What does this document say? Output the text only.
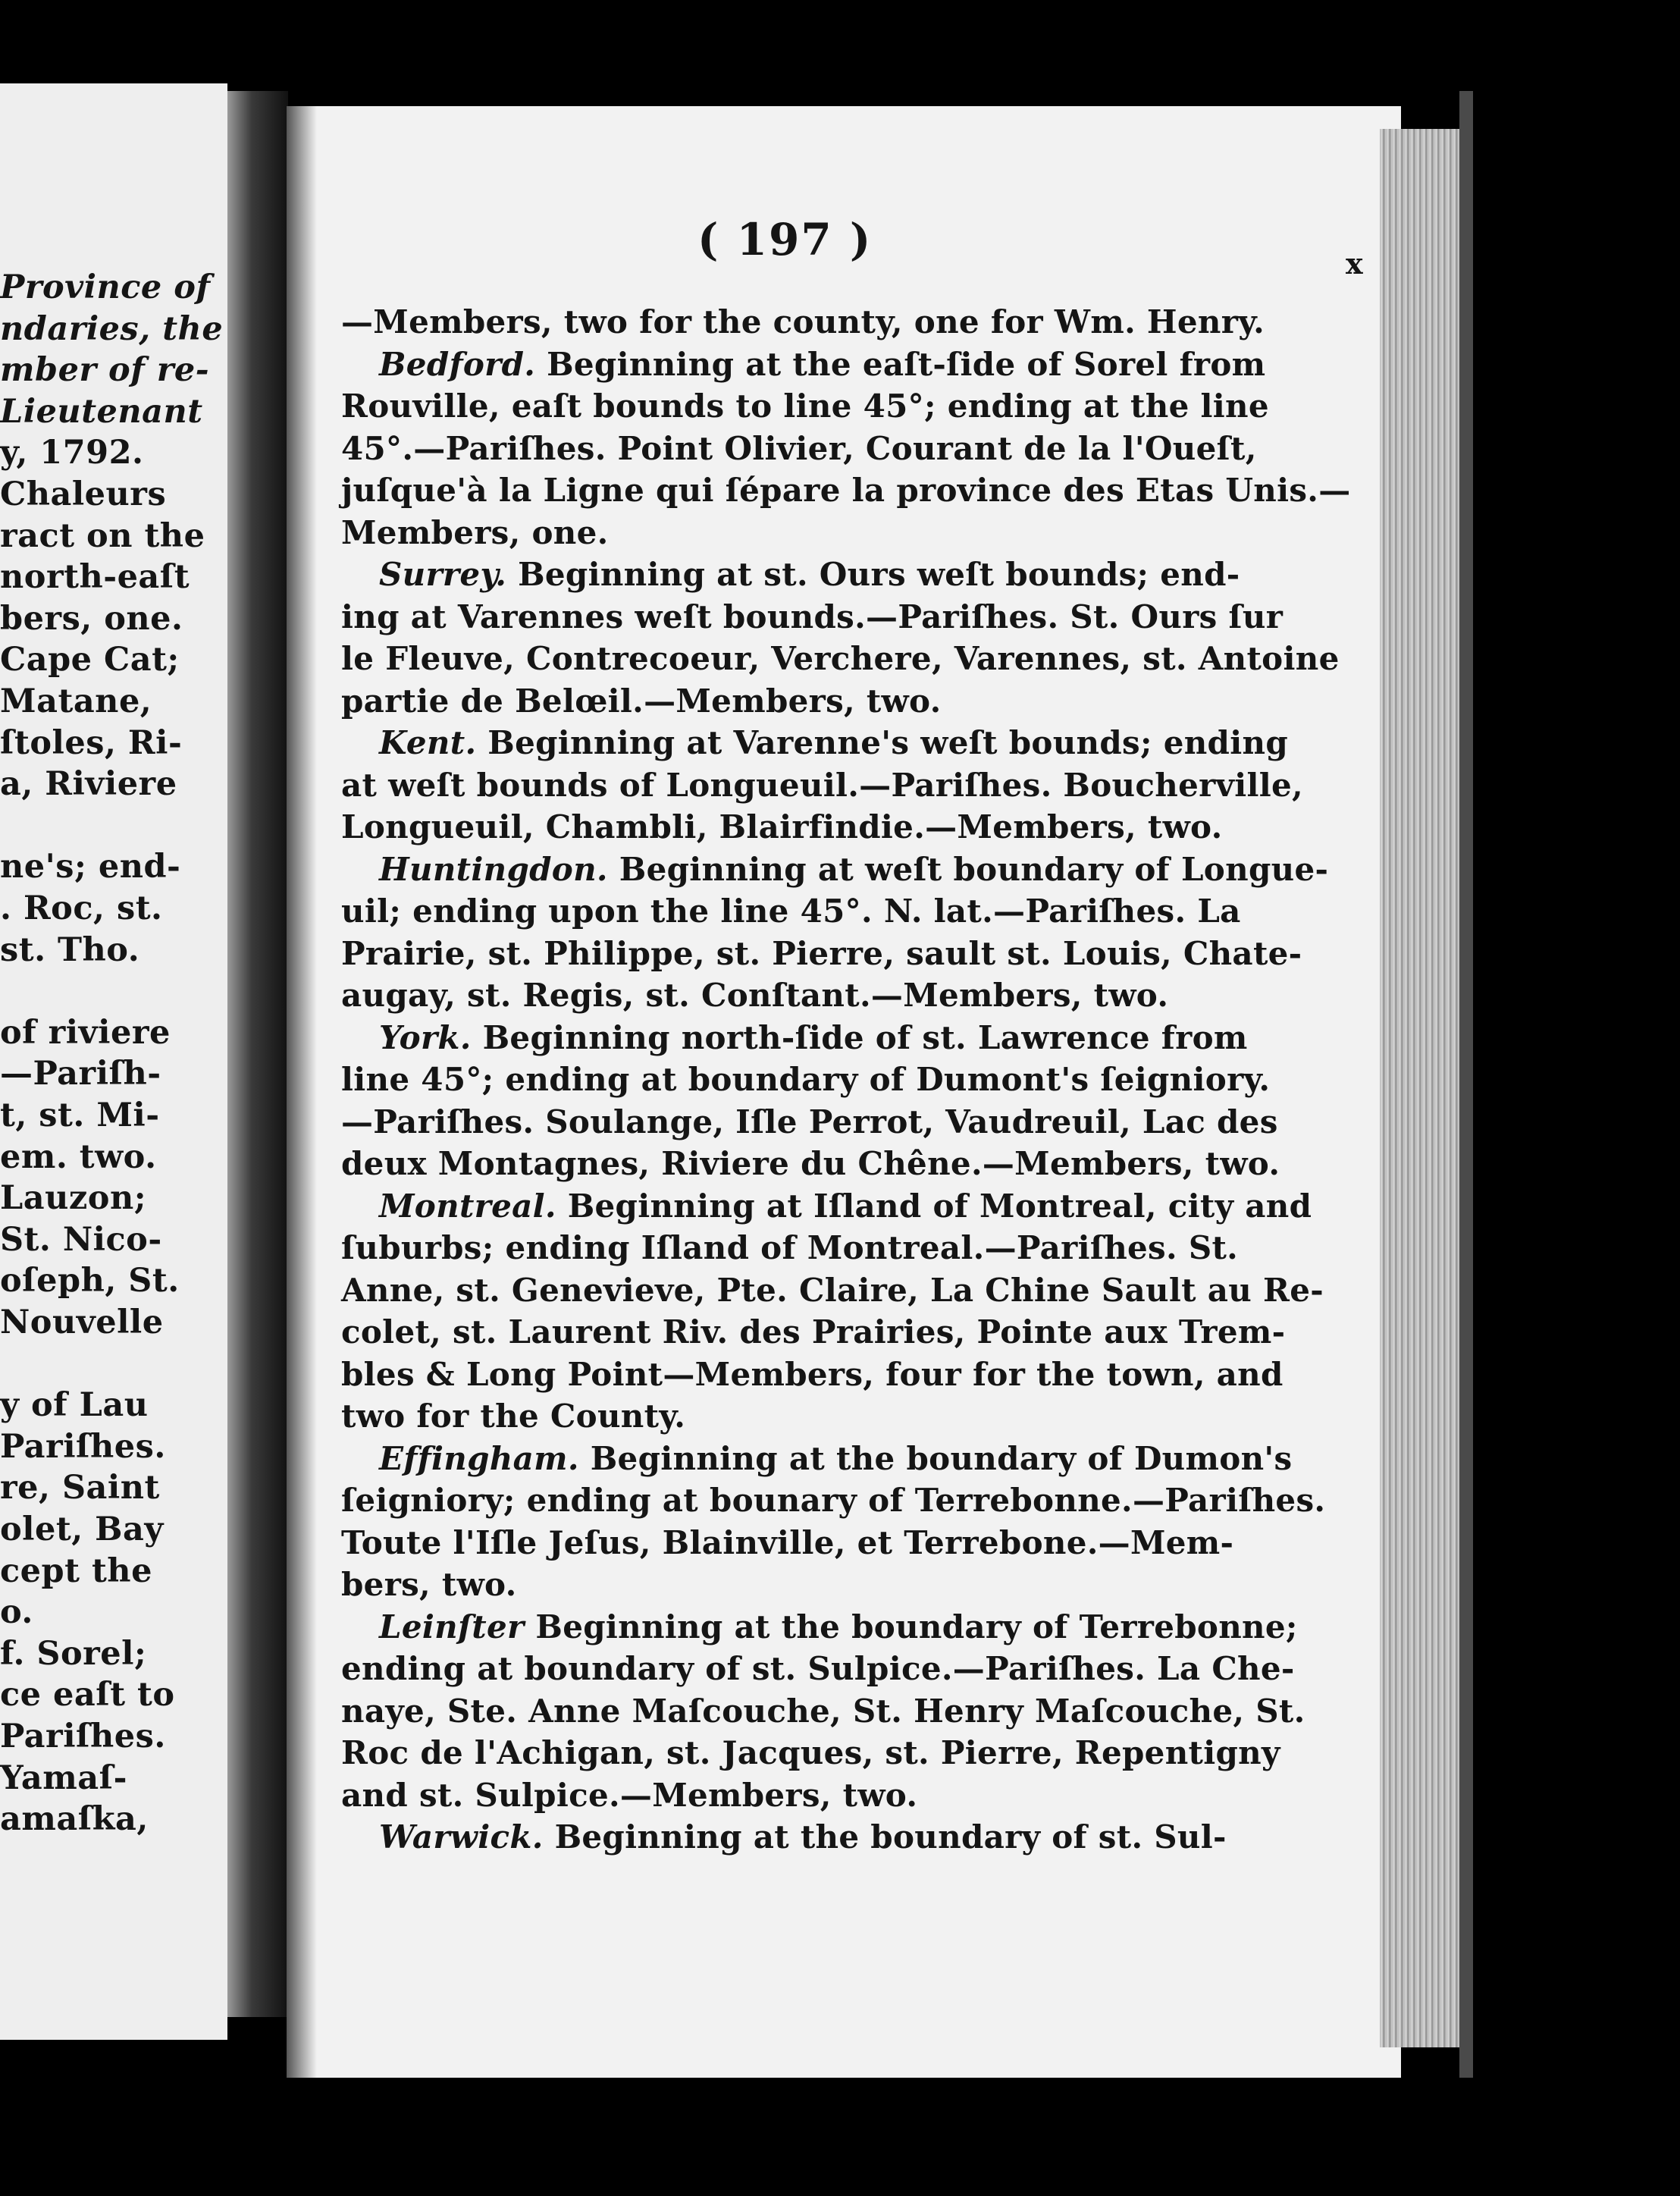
Province of
ndaries, the
mber of re-
Lieutenant
y, 1792.
Chaleurs
ract on the
north-eaſt
bers, one.
Cape Cat;
Matane,
ſtoles, Ri-
a, Riviere
ne's; end-
. Roc, st.
st. Tho.
of riviere
—Pariſh-
t, st. Mi-
em. two.
Lauzon;
St. Nico-
oſeph, St.
Nouvelle
y of Lau
Pariſhes.
re, Saint
olet, Bay
cept the
o.
f. Sorel;
ce eaſt to
Pariſhes.
Yamaſ-
amaſka,
( 197 )	x
—Members, two for the county, one for Wm. Henry.
Bedford. Beginning at the eaſt-ſide of Sorel from
Rouville, eaſt bounds to line 45°; ending at the line
45°.—Pariſhes. Point Olivier, Courant de la l'Oueſt,
juſque'à la Ligne qui ſépare la province des Etas Unis.—
Members, one.
Surrey. Beginning at st. Ours weſt bounds; end-
ing at Varennes weſt bounds.—Pariſhes. St. Ours ſur
le Fleuve, Contrecoeur, Verchere, Varennes, st. Antoine
partie de Belœil.—Members, two.
Kent. Beginning at Varenne's weſt bounds; ending
at weſt bounds of Longueuil.—Pariſhes. Boucherville,
Longueuil, Chambli, Blairfindie.—Members, two.
Huntingdon. Beginning at weſt boundary of Longue-
uil; ending upon the line 45°. N. lat.—Pariſhes. La
Prairie, st. Philippe, st. Pierre, sault st. Louis, Chate-
augay, st. Regis, st. Conſtant.—Members, two.
York. Beginning north-ſide of st. Lawrence from
line 45°; ending at boundary of Dumont's ſeigniory.
—Pariſhes. Soulange, Iſle Perrot, Vaudreuil, Lac des
deux Montagnes, Riviere du Chêne.—Members, two.
Montreal. Beginning at Iſland of Montreal, city and
ſuburbs; ending Iſland of Montreal.—Pariſhes. St.
Anne, st. Genevieve, Pte. Claire, La Chine Sault au Re-
colet, st. Laurent Riv. des Prairies, Pointe aux Trem-
bles & Long Point—Members, four for the town, and
two for the County.
Effingham. Beginning at the boundary of Dumon's
ſeigniory; ending at bounary of Terrebonne.—Pariſhes.
Toute l'Iſle Jeſus, Blainville, et Terrebone.—Mem-
bers, two.
Leinſter Beginning at the boundary of Terrebonne;
ending at boundary of st. Sulpice.—Pariſhes. La Che-
naye, Ste. Anne Maſcouche, St. Henry Maſcouche, St.
Roc de l'Achigan, st. Jacques, st. Pierre, Repentigny
and st. Sulpice.—Members, two.
Warwick. Beginning at the boundary of st. Sul-
